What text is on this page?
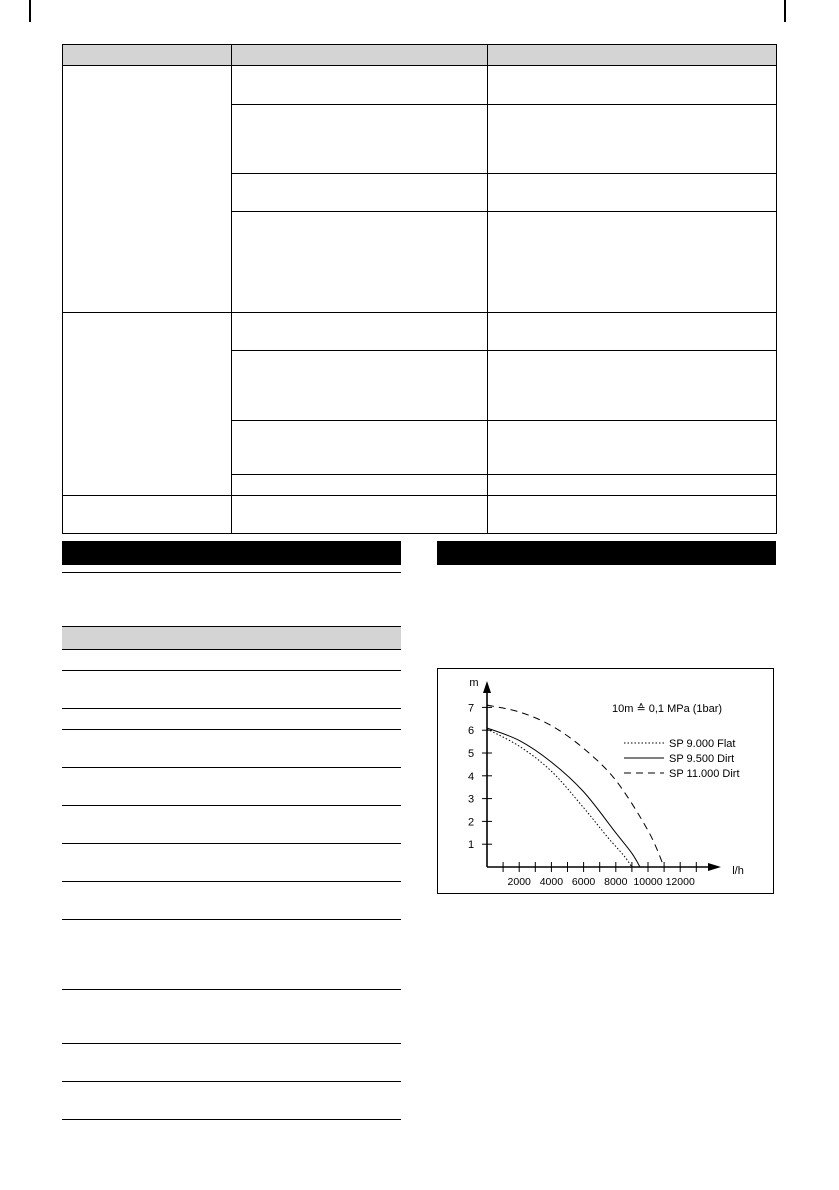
m
l/h
1
2
3
4
5
6
7
2000 4000 6000 8000 10000 12000
10m ≙ 0,1 MPa (1bar)
SP 9.000 Flat
SP 9.500 Dirt
SP 11.000 Dirt
